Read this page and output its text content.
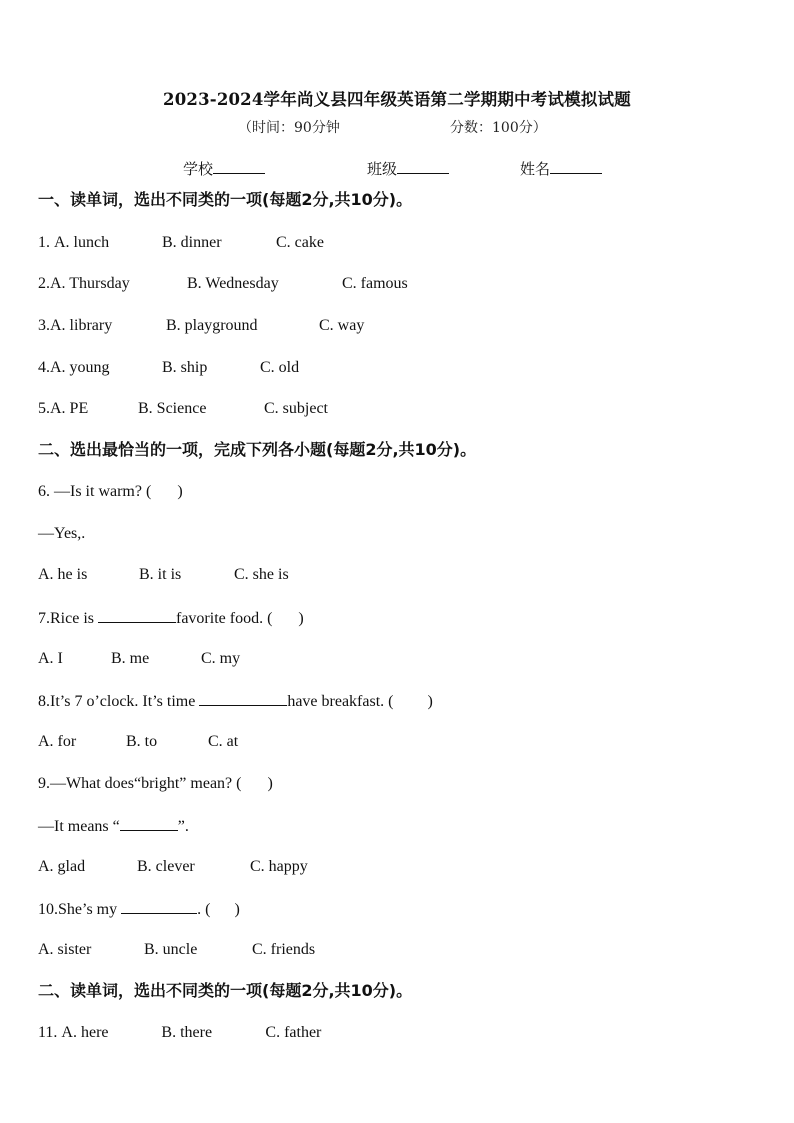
2023-2024学年尚义县四年级英语第二学期期中考试模拟试题
（时间：90分钟	分数：100分）
学校	班级	姓名
一、读单词，选出不同类的一项(每题2分,共10分)。
1. A. lunch	B. dinner	C. cake
2.A. Thursday	B. Wednesday	C. famous
3.A. library	B. playground	C. way
4.A. young	B. ship	C. old
5.A. PE	B. Science	C. subject
二、选出最恰当的一项，完成下列各小题(每题2分,共10分)。
6. —Is it warm? ( )
—Yes,.
A. he is	B. it is	C. she is
7.Rice is	favorite food. ( )
A. I	B. me	C. my
8.It’s 7 o’clock. It’s time	have breakfast. ( )
A. for	B. to	C. at
9.—What does“bright” mean? ( )
—It means “	”.
A. glad	B. clever	C. happy
10.She’s my	. ( )
A. sister	B. uncle	C. friends
二、读单词，选出不同类的一项(每题2分,共10分)。
11. A. here	B. there	C. father
